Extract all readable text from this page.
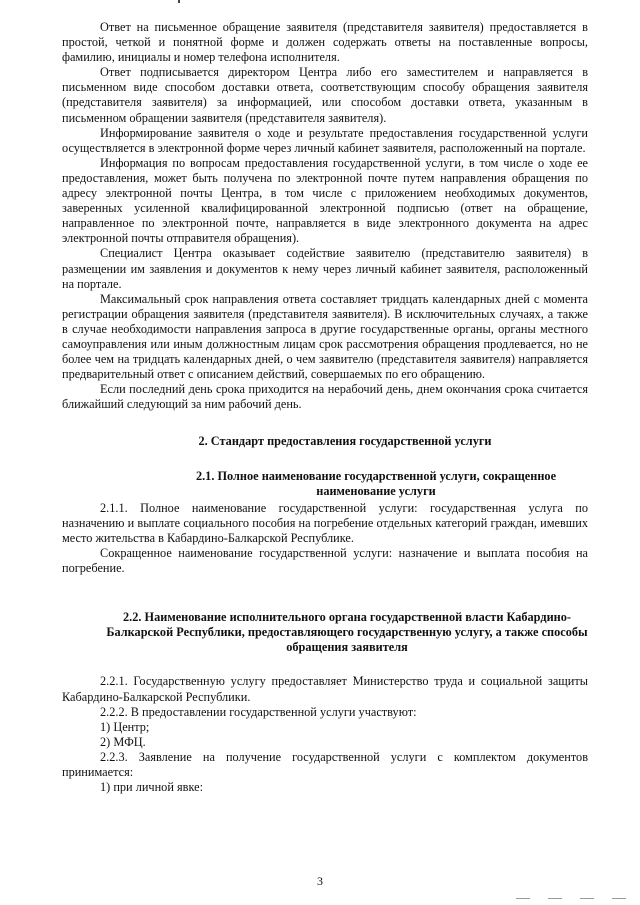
Ответ на письменное обращение заявителя (представителя заявителя) предоставляется в простой, четкой и понятной форме и должен содержать ответы на поставленные вопросы, фамилию, инициалы и номер телефона исполнителя.

Ответ подписывается директором Центра либо его заместителем и направляется в письменном виде способом доставки ответа, соответствующим способу обращения заявителя (представителя заявителя) за информацией, или способом доставки ответа, указанным в письменном обращении заявителя (представителя заявителя).

Информирование заявителя о ходе и результате предоставления государственной услуги осуществляется в электронной форме через личный кабинет заявителя, расположенный на портале.

Информация по вопросам предоставления государственной услуги, в том числе о ходе ее предоставления, может быть получена по электронной почте путем направления обращения по адресу электронной почты Центра, в том числе с приложением необходимых документов, заверенных усиленной квалифицированной электронной подписью (ответ на обращение, направленное по электронной почте, направляется в виде электронного документа на адрес электронной почты отправителя обращения).

Специалист Центра оказывает содействие заявителю (представителю заявителя) в размещении им заявления и документов к нему через личный кабинет заявителя, расположенный на портале.

Максимальный срок направления ответа составляет тридцать календарных дней с момента регистрации обращения заявителя (представителя заявителя). В исключительных случаях, а также в случае необходимости направления запроса в другие государственные органы, органы местного самоуправления или иным должностным лицам срок рассмотрения обращения продлевается, но не более чем на тридцать календарных дней, о чем заявителю (представителя заявителя) направляется предварительный ответ с описанием действий, совершаемых по его обращению.

Если последний день срока приходится на нерабочий день, днем окончания срока считается ближайший следующий за ним рабочий день.

2. Стандарт предоставления государственной услуги
2.1. Полное наименование государственной услуги, сокращенное наименование услуги

2.1.1. Полное наименование государственной услуги: государственная услуга по назначению и выплате социального пособия на погребение отдельных категорий граждан, имевших место жительства в Кабардино-Балкарской Республике.

Сокращенное наименование государственной услуги: назначение и выплата пособия на погребение.

2.2. Наименование исполнительного органа государственной власти Кабардино-Балкарской Республики, предоставляющего государственную услугу, а также способы обращения заявителя

2.2.1. Государственную услугу предоставляет Министерство труда и социальной защиты Кабардино-Балкарской Республики.

2.2.2. В предоставлении государственной услуги участвуют:

1) Центр;

2) МФЦ.

2.2.3. Заявление на получение государственной услуги с комплектом документов принимается:

1) при личной явке:

3
